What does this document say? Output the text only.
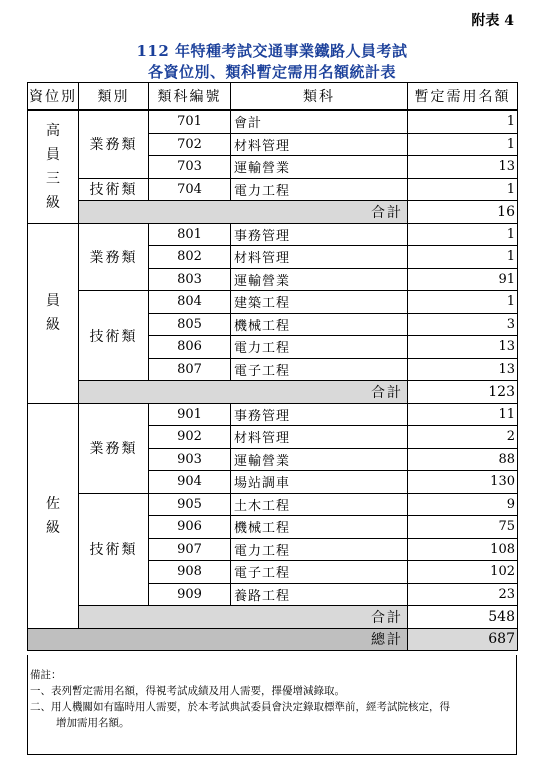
附表 4
112 年特種考試交通事業鐵路人員考試
各資位別、類科暫定需用名額統計表
資位別	類別	類科編號	類科	暫定需用名額
高員三級	業務類	701	會計	1
		702	材料管理	1
		703	運輸營業	13
	技術類	704	電力工程	1
	合計			16
員級	業務類	801	事務管理	1
		802	材料管理	1
		803	運輸營業	91
	技術類	804	建築工程	1
		805	機械工程	3
		806	電力工程	13
		807	電子工程	13
	合計			123
佐級	業務類	901	事務管理	11
		902	材料管理	2
		903	運輸營業	88
		904	場站調車	130
	技術類	905	土木工程	9
		906	機械工程	75
		907	電力工程	108
		908	電子工程	102
		909	養路工程	23
	合計			548
總計				687
備註：
一、表列暫定需用名額，得視考試成績及用人需要，擇優增減錄取。
二、用人機關如有臨時用人需要，於本考試典試委員會決定錄取標準前，經考試院核定，得
增加需用名額。
